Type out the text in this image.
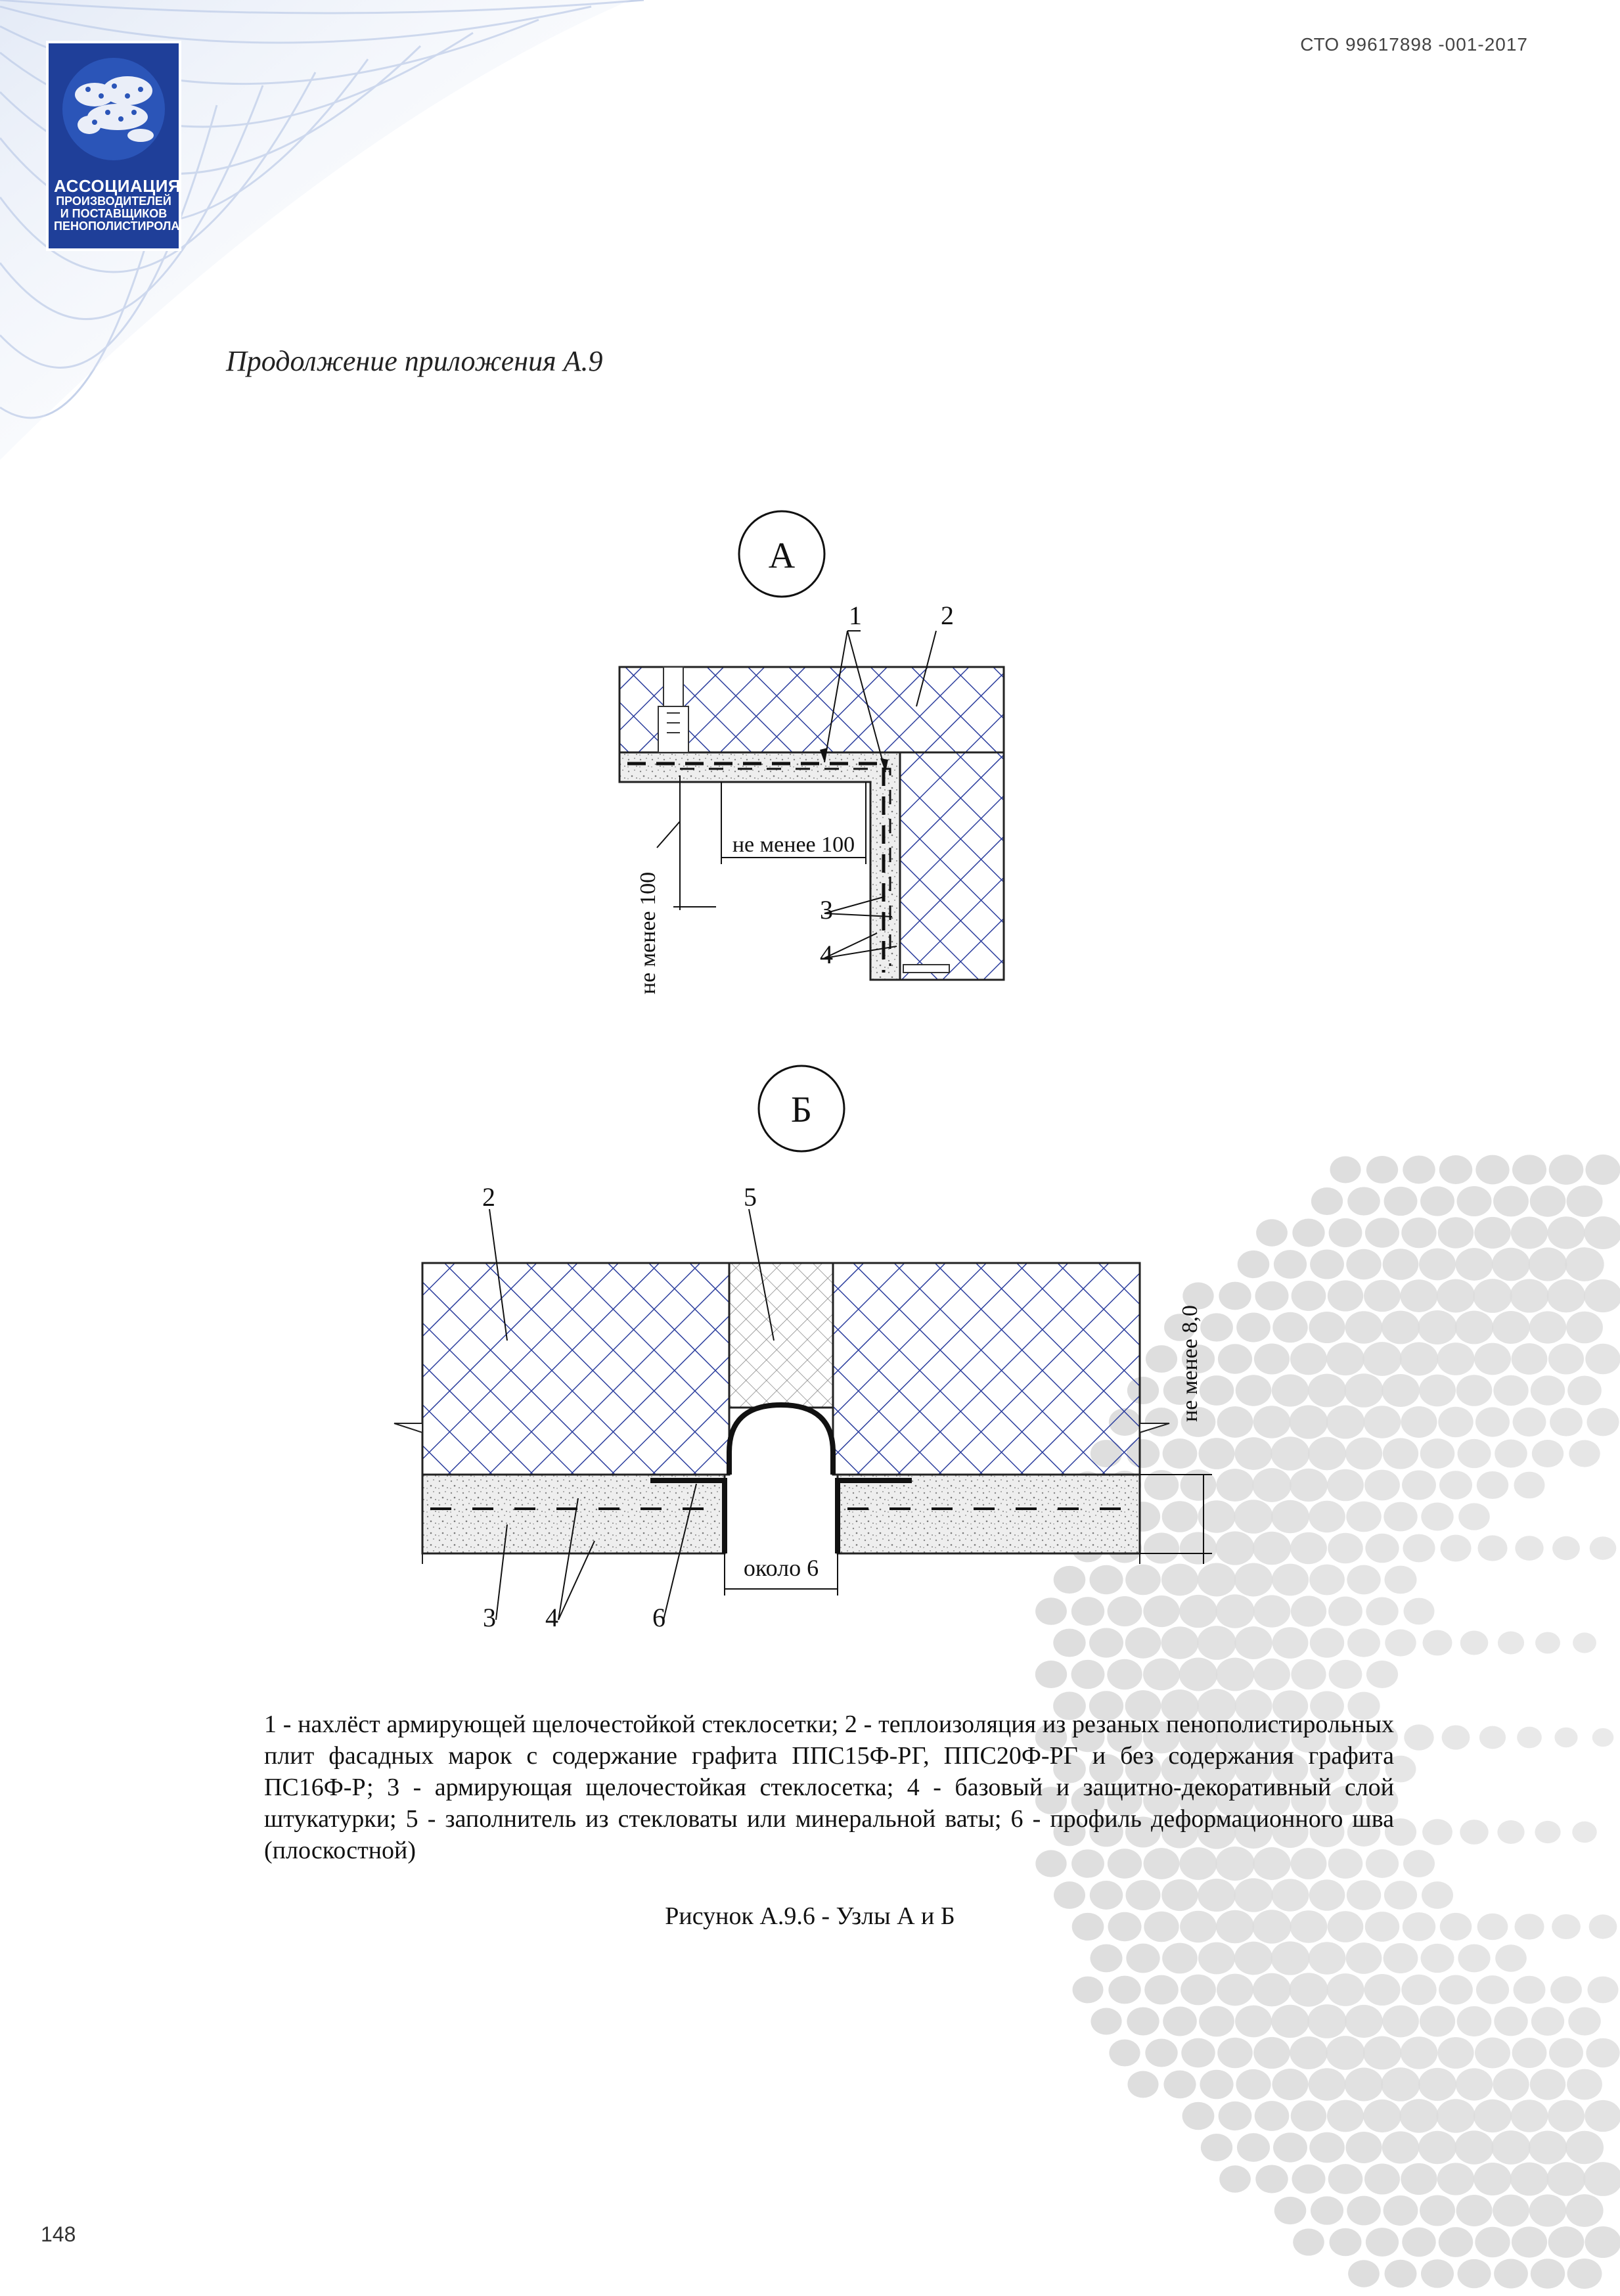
АССОЦИАЦИЯ
ПРОИЗВОДИТЕЛЕЙ
И ПОСТАВЩИКОВ
ПЕНОПОЛИСТИРОЛА
СТО 99617898 -001-2017
Продолжение приложения А.9
А
1	2
3
4
не менее 100
не менее 100
Б
2	5
3 4	6
около 6
не менее 8,0
1 - нахлёст армирующей щелочестойкой стеклосетки; 2 - теплоизоляция из резаных пенополистирольных плит фасадных марок с содержание графита ППС15Ф-РГ, ППС20Ф-РГ и без содержания графита ПС16Ф-Р; 3 - армирующая щелочестойкая стеклосетка; 4 - базовый и защитно-декоративный слой штукатурки; 5 - заполнитель из стекловаты или минеральной ваты; 6 - профиль деформационного шва (плоскостной)
Рисунок А.9.6 - Узлы А и Б
148
